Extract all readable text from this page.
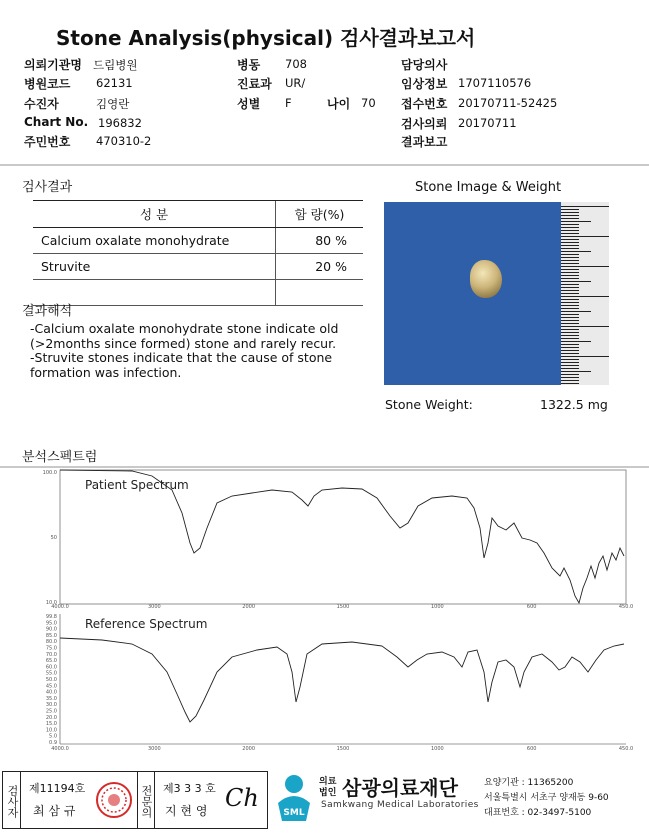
Stone Analysis(physical) 검사결과보고서
의뢰기관명 드림병원
병원코드 62131
수진자	김영란
Chart No. 196832
주민번호 470310-2
병동 708
진료과 UR/
성별 F	나이 70
담당의사
임상정보 1707110576
접수번호 20170711-52425
검사의뢰 20170711
결과보고
검사결과
성 분	함 량(%)
Calcium oxalate monohydrate	80 %
Struvite	20 %

결과해석
-Calcium oxalate monohydrate stone indicate old
(>2months since formed) stone and rarely recur.
-Struvite stones indicate that the cause of stone
formation was infection.
Stone Image & Weight
Stone Weight:	1322.5 mg
분석스펙트럼
Patient Spectrum
100.0
50
10.0
4000.0	3000	2000	1500	1000	600	450.0
Reference Spectrum
99.8
95.0
90.0
85.0
80.0
75.0
70.0
65.0
60.0
55.0
50.0
45.0
40.0
35.0
30.0
25.0
20.0
15.0
10.0
5.0
0.9
4000.0	3000	2000	1500	1000	600	450.0
검사자 제11194호
최 삼 규	전문의 제3 3 3 호
지 현 영 Ch
SML
의료
법인 삼광의료재단
Samkwang Medical Laboratories
요양기관 : 11365200
서울특별시 서초구 양재동 9-60
대표번호 : 02-3497-5100
